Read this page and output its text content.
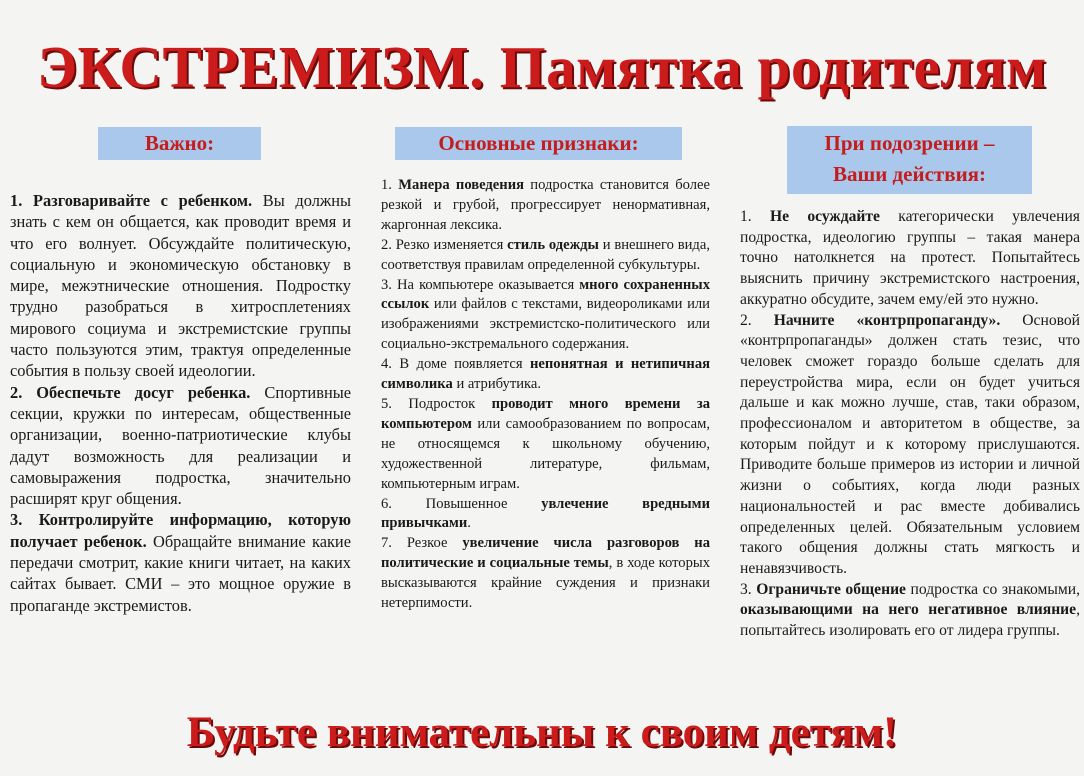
ЭКСТРЕМИЗМ. Памятка родителям
Важно:

1. Разговаривайте с ребенком. Вы должны знать с кем он общается, как проводит время и что его волнует. Обсуждайте политическую, социальную и экономическую обстановку в мире, межэтнические отношения. Подростку трудно разобраться в хитросплетениях мирового социума и экстремистские группы часто пользуются этим, трактуя определенные события в пользу своей идеологии.

2. Обеспечьте досуг ребенка. Спортивные секции, кружки по интересам, общественные организации, военно-патриотические клубы дадут возможность для реализации и самовыражения подростка, значительно расширят круг общения.

3. Контролируйте информацию, которую получает ребенок. Обращайте внимание какие передачи смотрит, какие книги читает, на каких сайтах бывает. СМИ – это мощное оружие в пропаганде экстремистов.

Основные признаки:

1. Манера поведения подростка становится более резкой и грубой, прогрессирует ненормативная, жаргонная лексика.

2. Резко изменяется стиль одежды и внешнего вида, соответствуя правилам определенной субкультуры.

3. На компьютере оказывается много сохраненных ссылок или файлов с текстами, видеороликами или изображениями экстремистско-политического или социально-экстремального содержания.

4. В доме появляется непонятная и нетипичная символика и атрибутика.

5. Подросток проводит много времени за компьютером или самообразованием по вопросам, не относящемся к школьному обучению, художественной литературе, фильмам, компьютерным играм.

6. Повышенное увлечение вредными привычками.

7. Резкое увеличение числа разговоров на политические и социальные темы, в ходе которых высказываются крайние суждения и признаки нетерпимости.

При подозрении –
Ваши действия:

1. Не осуждайте категорически увлечения подростка, идеологию группы – такая манера точно натолкнется на протест. Попытайтесь выяснить причину экстремистского настроения, аккуратно обсудите, зачем ему/ей это нужно.

2. Начните «контрпропаганду». Основой «контрпропаганды» должен стать тезис, что человек сможет гораздо больше сделать для переустройства мира, если он будет учиться дальше и как можно лучше, став, таки образом, профессионалом и авторитетом в обществе, за которым пойдут и к которому прислушаются. Приводите больше примеров из истории и личной жизни о событиях, когда люди разных национальностей и рас вместе добивались определенных целей. Обязательным условием такого общения должны стать мягкость и ненавязчивость.

3. Ограничьте общение подростка со знакомыми, оказывающими на него негативное влияние, попытайтесь изолировать его от лидера группы.

Будьте внимательны к своим детям!
